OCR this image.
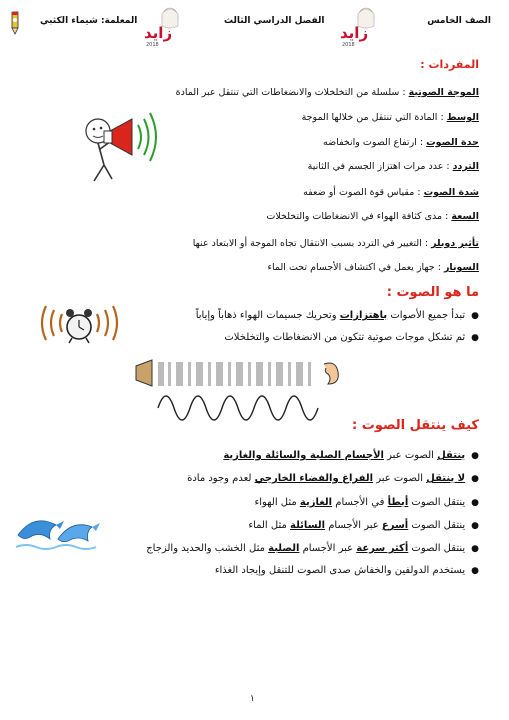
الصف الخامس
الفصل الدراسي الثالث
المعلمة: شيماء الكثبي
زايد
2018
زايد
2018
المفردات :
الموجة الصوتية : سلسلة من التخلخلات والانضغاطات التي تنتقل عبر المادة
الوسط : المادة التي تنتقل من خلالها الموجة
حدة الصوت : ارتفاع الصوت وانخفاضه
التردد : عدد مرات اهتزاز الجسم في الثانية
شدة الصوت : مقياس قوة الصوت أو ضعفه
السعة : مدى كثافة الهواء في الانضغاطات والتخلخلات
تأثير دوبلر : التغيير في التردد بسبب الانتقال تجاه الموجة أو الابتعاد عنها
السونار : جهاز يعمل في اكتشاف الأجسام تحت الماء
ما هو الصوت :
●تبدأ جميع الأصوات باهتزازات وتحريك جسيمات الهواء ذهاباً وإياباً
●ثم تشكل موجات صوتية تتكون من الانضغاطات والتخلخلات
كيف ينتقل الصوت :
●ينتقل الصوت عبر الأجسام الصلبة والسائلة والغازية
●لا ينتقل الصوت عبر الفراغ والفضاء الخارجي لعدم وجود مادة
●ينتقل الصوت أبطأ في الأجسام الغازية مثل الهواء
●ينتقل الصوت أسرع عبر الأجسام السائلة مثل الماء
●ينتقل الصوت أكثر سرعة عبر الأجسام الصلبة مثل الخشب والحديد والزجاج
●يستخدم الدولفين والخفاش صدى الصوت للتنقل وإيجاد الغذاء
١
